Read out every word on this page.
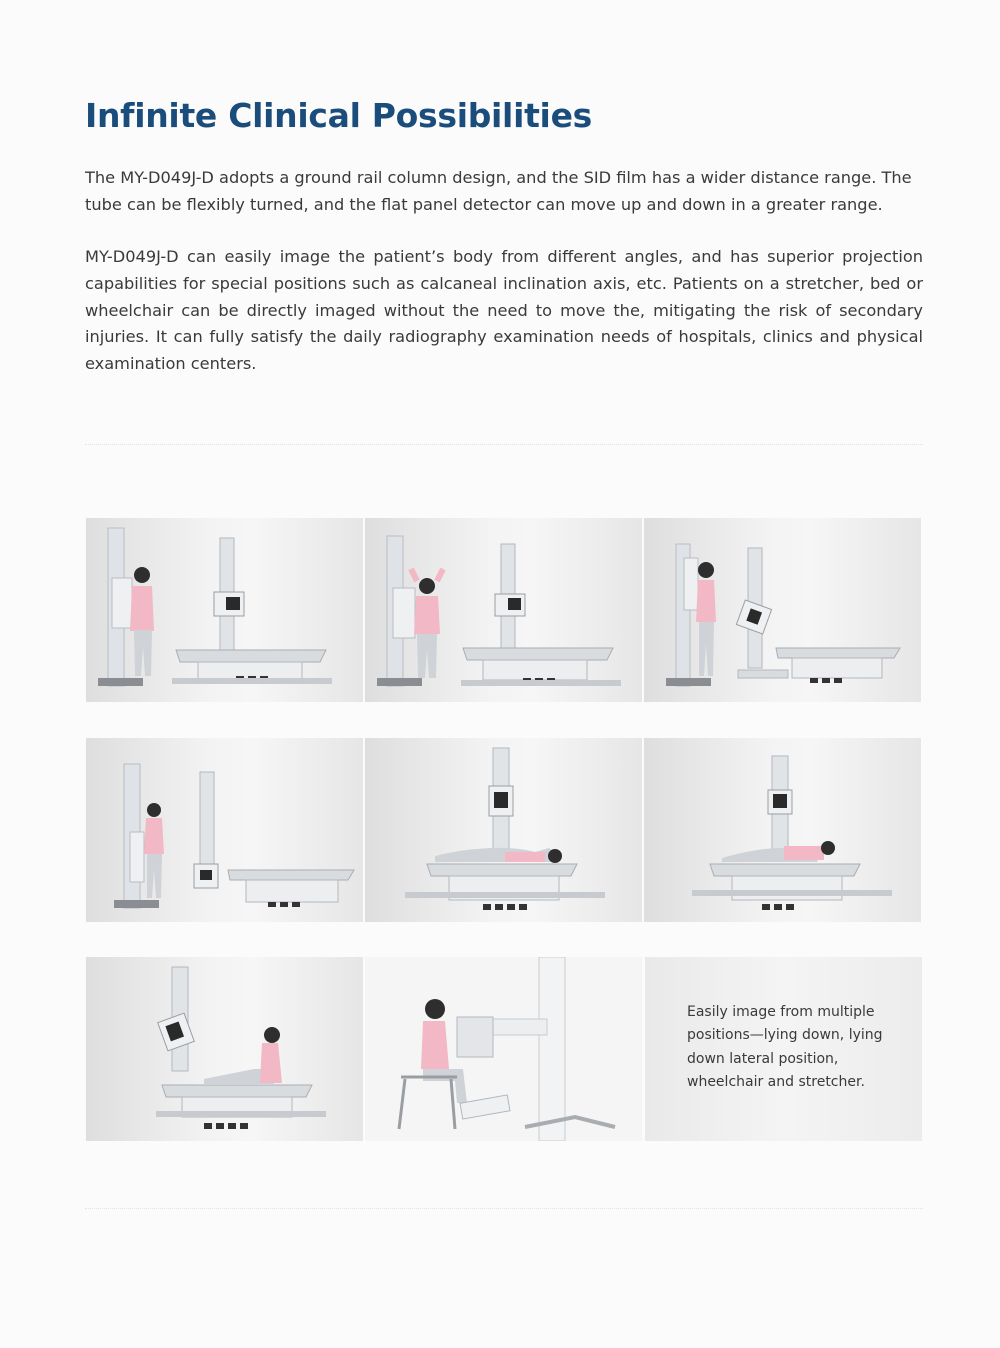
Infinite Clinical Possibilities

The MY-D049J-D adopts a ground rail column design, and the SID film has a wider distance range. The tube can be flexibly turned, and the flat panel detector can move up and down in a greater range.

MY-D049J-D can easily image the patient’s body from different angles, and has superior projection capabilities for special positions such as calcaneal inclination axis, etc. Patients on a stretcher, bed or wheelchair can be directly imaged without the need to move the, mitigating the risk of secondary injuries. It can fully satisfy the daily radiography examination needs of hospitals, clinics and physical examination centers.

Easily image from multiple positions—lying down, lying down lateral position, wheelchair and stretcher.
